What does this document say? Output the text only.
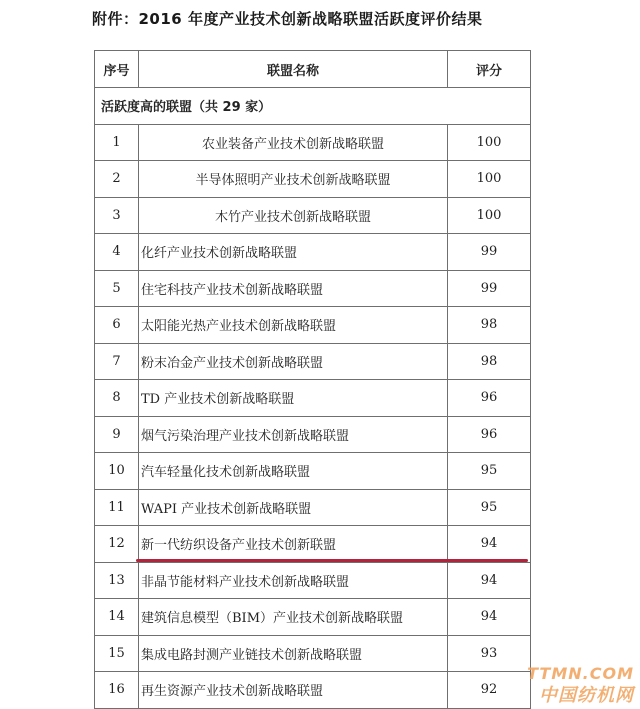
附件：2016 年度产业技术创新战略联盟活跃度评价结果
序号	联盟名称	评分
活跃度高的联盟（共 29 家）		
1	农业装备产业技术创新战略联盟	100
2	半导体照明产业技术创新战略联盟	100
3	木竹产业技术创新战略联盟	100
4	化纤产业技术创新战略联盟	99
5	住宅科技产业技术创新战略联盟	99
6	太阳能光热产业技术创新战略联盟	98
7	粉末冶金产业技术创新战略联盟	98
8	TD 产业技术创新战略联盟	96
9	烟气污染治理产业技术创新战略联盟	96
10	汽车轻量化技术创新战略联盟	95
11	WAPI 产业技术创新战略联盟	95
12	新一代纺织设备产业技术创新联盟	94
13	非晶节能材料产业技术创新战略联盟	94
14	建筑信息模型（BIM）产业技术创新战略联盟	94
15	集成电路封测产业链技术创新战略联盟	93
16	再生资源产业技术创新战略联盟	92
TTMN.COM
中国纺机网
